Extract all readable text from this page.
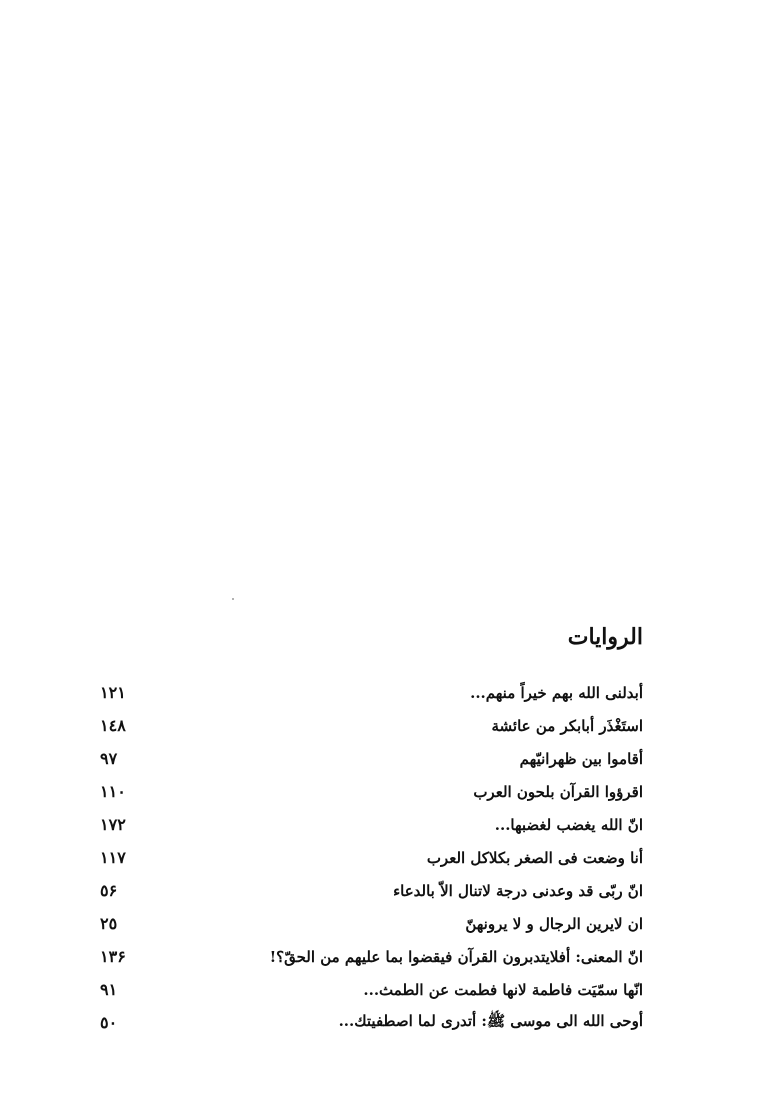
الروايات
١٢١	أبدلنى الله بهم خيراً منهم...
١٤٨	استَغْذَر أبابكر من عائشة
٩٧	أقاموا بين ظهرانيّهم
١١٠	اقرؤوا القرآن بلحون العرب
١٧٢	انّ الله يغضب لغضبها...
١١٧	أنا وضعت فى الصغر بكلاكل العرب
٥۶	انّ ربّى قد وعدنى درجة لاتنال الاّ بالدعاء
٢٥	ان لايرين الرجال و لا يرونهنّ
١٣۶	انّ المعنى: أفلايتدبرون القرآن فيقضوا بما عليهم من الحقّ؟!
٩١	انّها سمّيَت فاطمة لانها فطمت عن الطمث...
٥٠	أوحى الله الى موسى ﷺ: أتدرى لما اصطفيتك...
